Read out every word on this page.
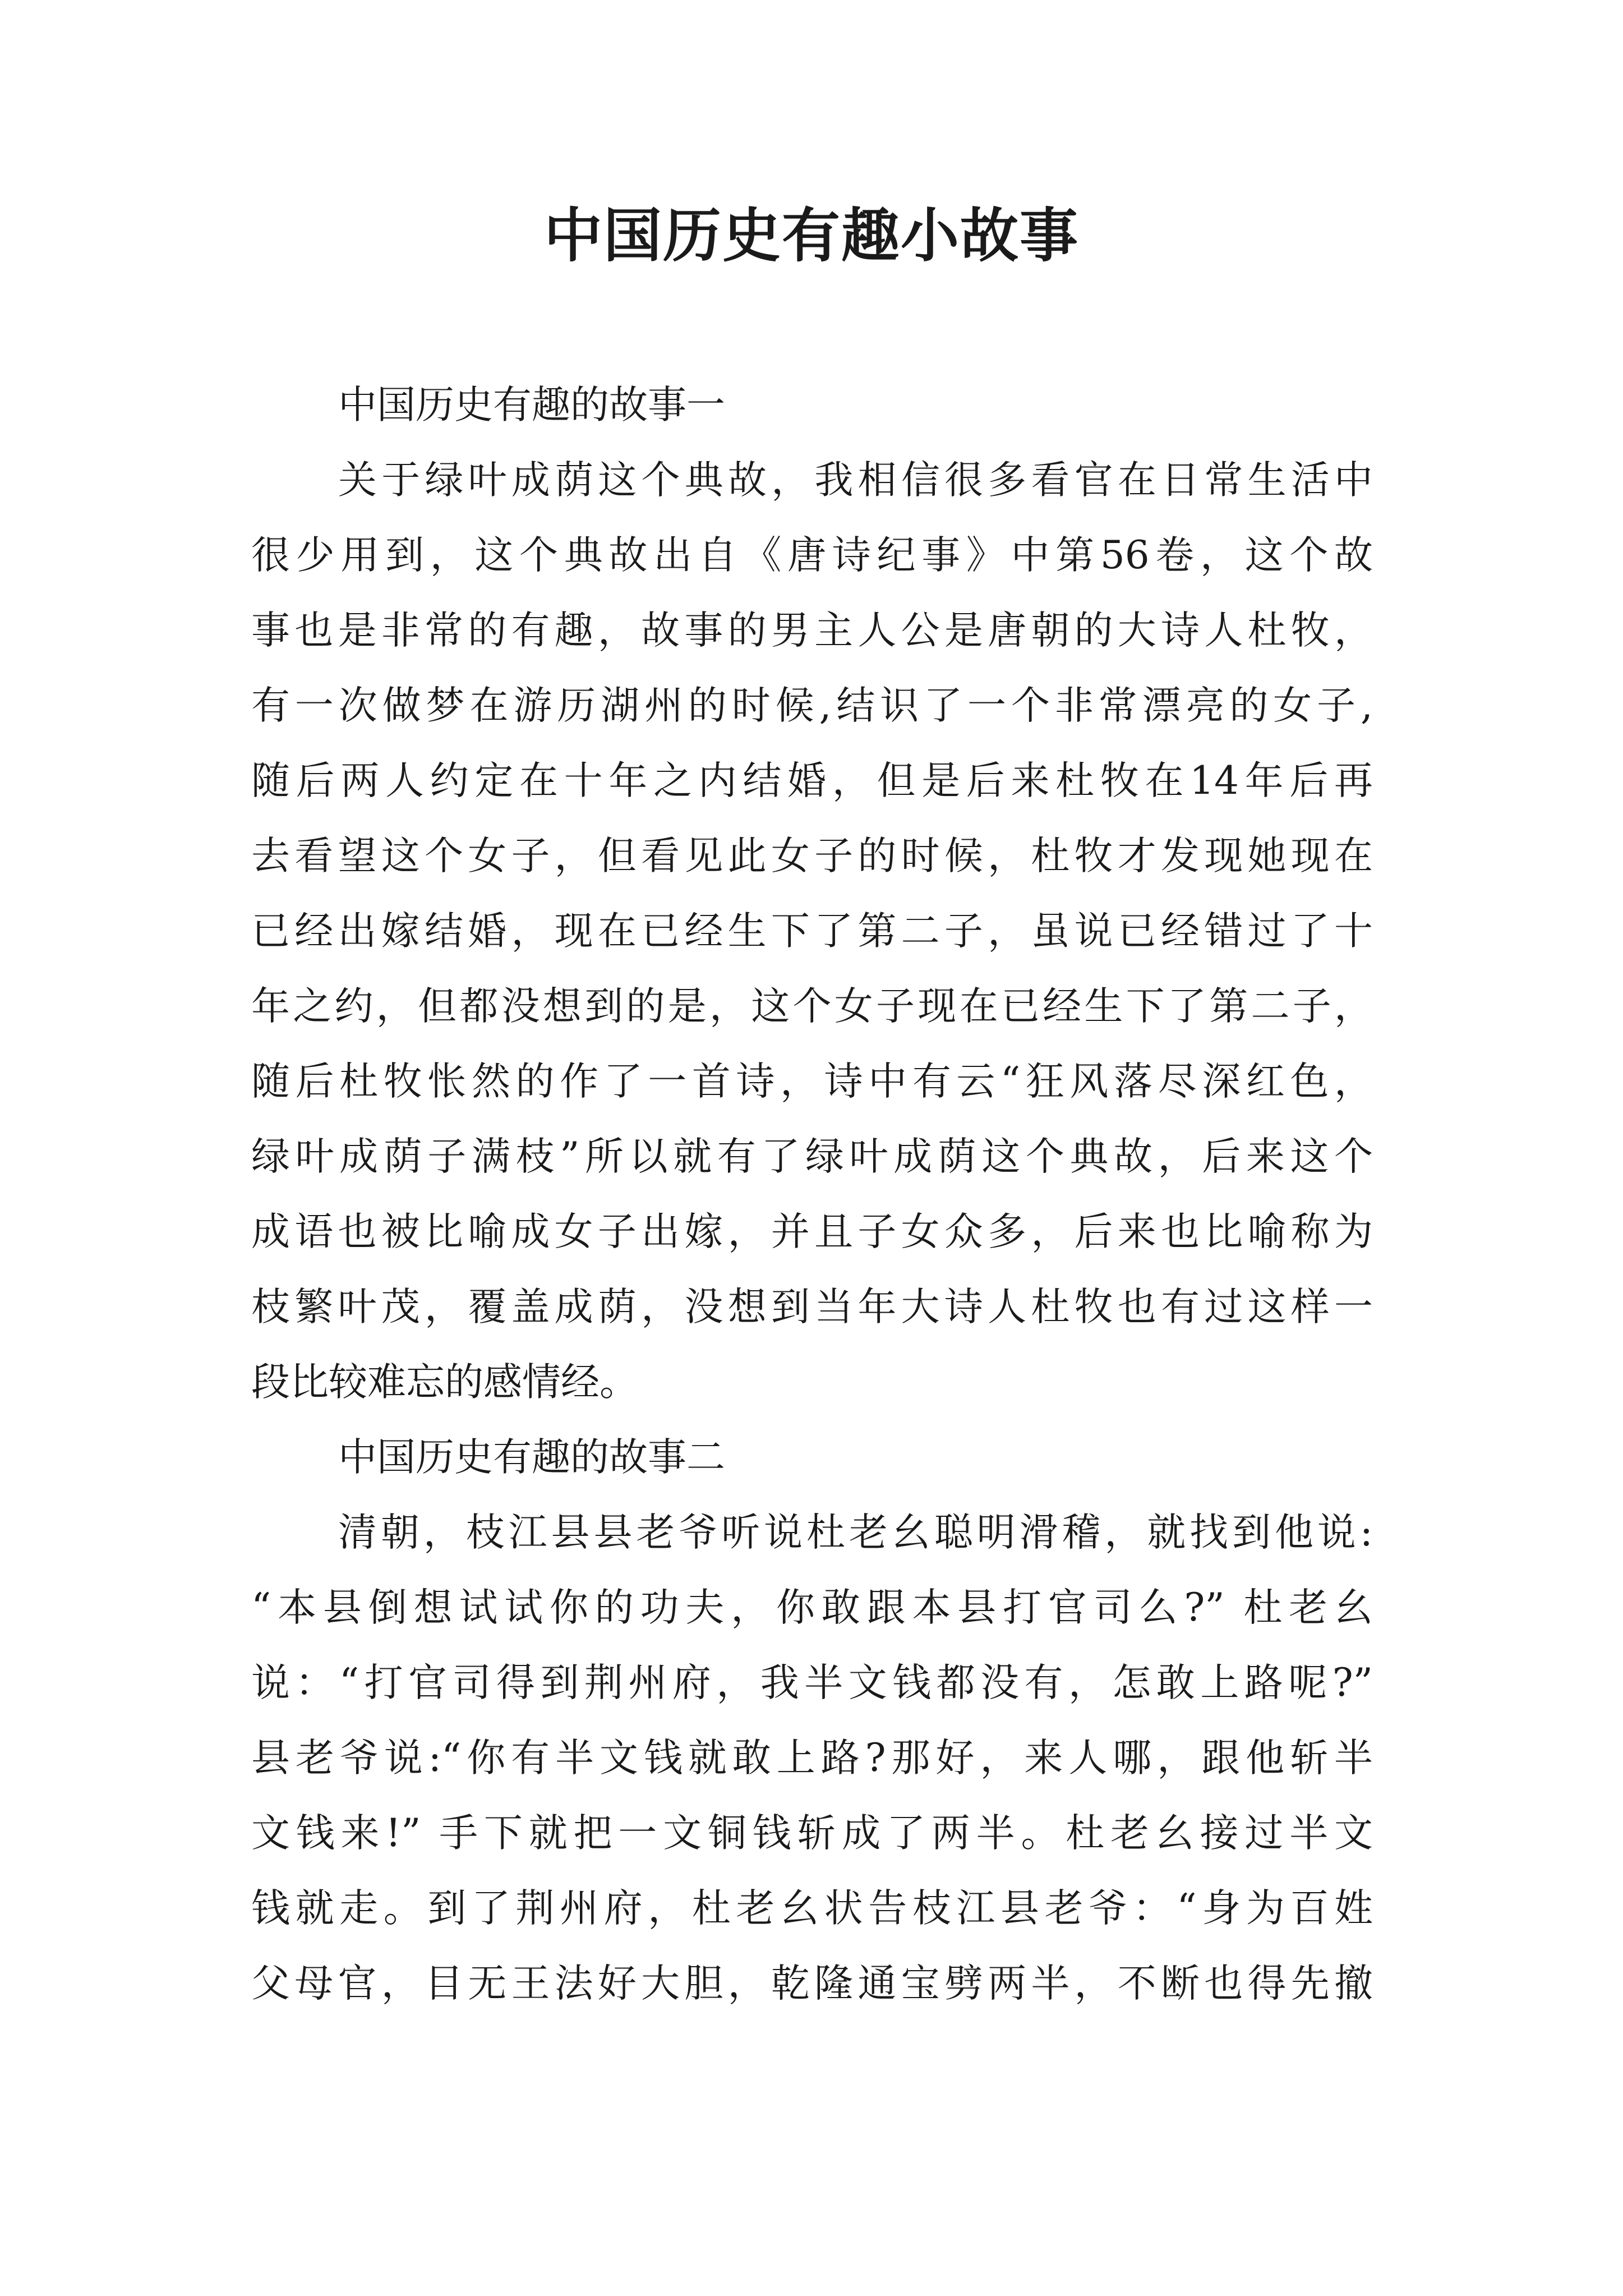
中国历史有趣小故事
中国历史有趣的故事一
关于绿叶成荫这个典故，我相信很多看官在日常生活中
很少用到，这个典故出自《唐诗纪事》中第56卷，这个故
事也是非常的有趣，故事的男主人公是唐朝的大诗人杜牧，
有一次做梦在游历湖州的时候,结识了一个非常漂亮的女子,
随后两人约定在十年之内结婚，但是后来杜牧在14年后再
去看望这个女子，但看见此女子的时候，杜牧才发现她现在
已经出嫁结婚，现在已经生下了第二子，虽说已经错过了十
年之约，但都没想到的是，这个女子现在已经生下了第二子，
随后杜牧怅然的作了一首诗，诗中有云“狂风落尽深红色，
绿叶成荫子满枝”所以就有了绿叶成荫这个典故，后来这个
成语也被比喻成女子出嫁，并且子女众多，后来也比喻称为
枝繁叶茂，覆盖成荫，没想到当年大诗人杜牧也有过这样一
段比较难忘的感情经。
中国历史有趣的故事二
清朝，枝江县县老爷听说杜老幺聪明滑稽，就找到他说:
“本县倒想试试你的功夫，你敢跟本县打官司么?” 杜老幺
说：“打官司得到荆州府，我半文钱都没有，怎敢上路呢?”
县老爷说:“你有半文钱就敢上路?那好，来人哪，跟他斩半
文钱来!” 手下就把一文铜钱斩成了两半。杜老幺接过半文
钱就走。到了荆州府，杜老幺状告枝江县老爷：“身为百姓
父母官，目无王法好大胆，乾隆通宝劈两半，不断也得先撤
